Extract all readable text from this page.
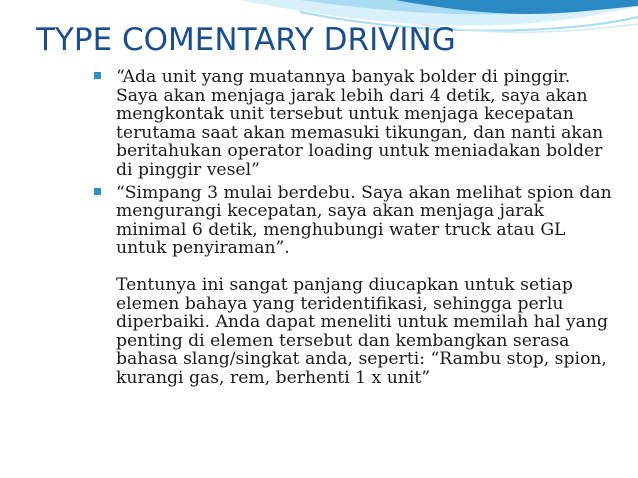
TYPE COMENTARY DRIVING
“Ada unit yang muatannya banyak bolder di pinggir. Saya akan menjaga jarak lebih dari 4 detik, saya akan mengkontak unit tersebut untuk menjaga kecepatan terutama saat akan memasuki tikungan, dan nanti akan beritahukan operator loading untuk meniadakan bolder di pinggir vesel”
“Simpang 3 mulai berdebu. Saya akan melihat spion dan mengurangi kecepatan, saya akan menjaga jarak minimal 6 detik, menghubungi water truck atau GL untuk penyiraman”.

Tentunya ini sangat panjang diucapkan untuk setiap elemen bahaya yang teridentifikasi, sehingga perlu diperbaiki. Anda dapat meneliti untuk memilah hal yang penting di elemen tersebut dan kembangkan serasa bahasa slang/singkat anda, seperti: “Rambu stop, spion, kurangi gas, rem, berhenti 1 x unit”
